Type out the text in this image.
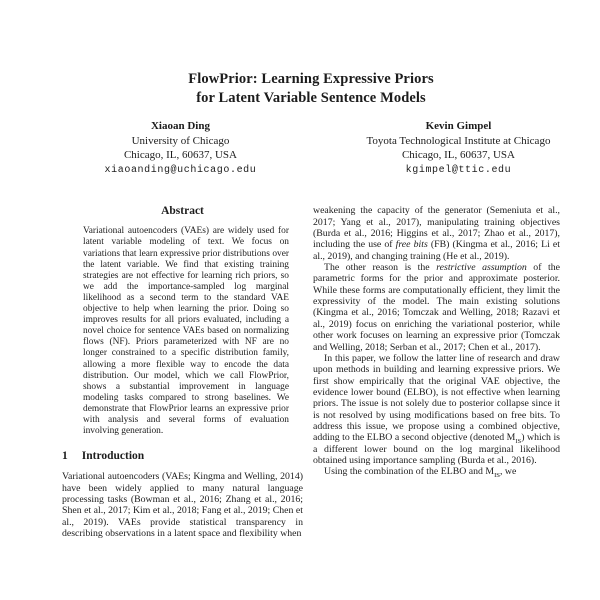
FlowPrior: Learning Expressive Priors
for Latent Variable Sentence Models
Xiaoan Ding
University of Chicago
Chicago, IL, 60637, USA
xiaoanding@uchicago.edu
Kevin Gimpel
Toyota Technological Institute at Chicago
Chicago, IL, 60637, USA
kgimpel@ttic.edu
Abstract

Variational autoencoders (VAEs) are widely used for latent variable modeling of text. We focus on variations that learn expressive prior distributions over the latent variable. We find that existing training strategies are not effective for learning rich priors, so we add the importance-sampled log marginal likelihood as a second term to the standard VAE objective to help when learning the prior. Doing so improves results for all priors evaluated, including a novel choice for sentence VAEs based on normalizing flows (NF). Priors parameterized with NF are no longer constrained to a specific distribution family, allowing a more flexible way to encode the data distribution. Our model, which we call FlowPrior, shows a substantial improvement in language modeling tasks compared to strong baselines. We demonstrate that FlowPrior learns an expressive prior with analysis and several forms of evaluation involving generation.

1 Introduction

Variational autoencoders (VAEs; Kingma and Welling, 2014) have been widely applied to many natural language processing tasks (Bowman et al., 2016; Zhang et al., 2016; Shen et al., 2017; Kim et al., 2018; Fang et al., 2019; Chen et al., 2019). VAEs provide statistical transparency in describing observations in a latent space and flexibility when

weakening the capacity of the generator (Semeniuta et al., 2017; Yang et al., 2017), manipulating training objectives (Burda et al., 2016; Higgins et al., 2017; Zhao et al., 2017), including the use of free bits (FB) (Kingma et al., 2016; Li et al., 2019), and changing training (He et al., 2019).

The other reason is the restrictive assumption of the parametric forms for the prior and approximate posterior. While these forms are computationally efficient, they limit the expressivity of the model. The main existing solutions (Kingma et al., 2016; Tomczak and Welling, 2018; Razavi et al., 2019) focus on enriching the variational posterior, while other work focuses on learning an expressive prior (Tomczak and Welling, 2018; Serban et al., 2017; Chen et al., 2017).

In this paper, we follow the latter line of research and draw upon methods in building and learning expressive priors. We first show empirically that the original VAE objective, the evidence lower bound (ELBO), is not effective when learning priors. The issue is not solely due to posterior collapse since it is not resolved by using modifications based on free bits. To address this issue, we propose using a combined objective, adding to the ELBO a second objective (denoted $M_{IS}$) which is a different lower bound on the log marginal likelihood obtained using importance sampling (Burda et al., 2016).

Using the combination of the ELBO and $M_{IS}$, we
